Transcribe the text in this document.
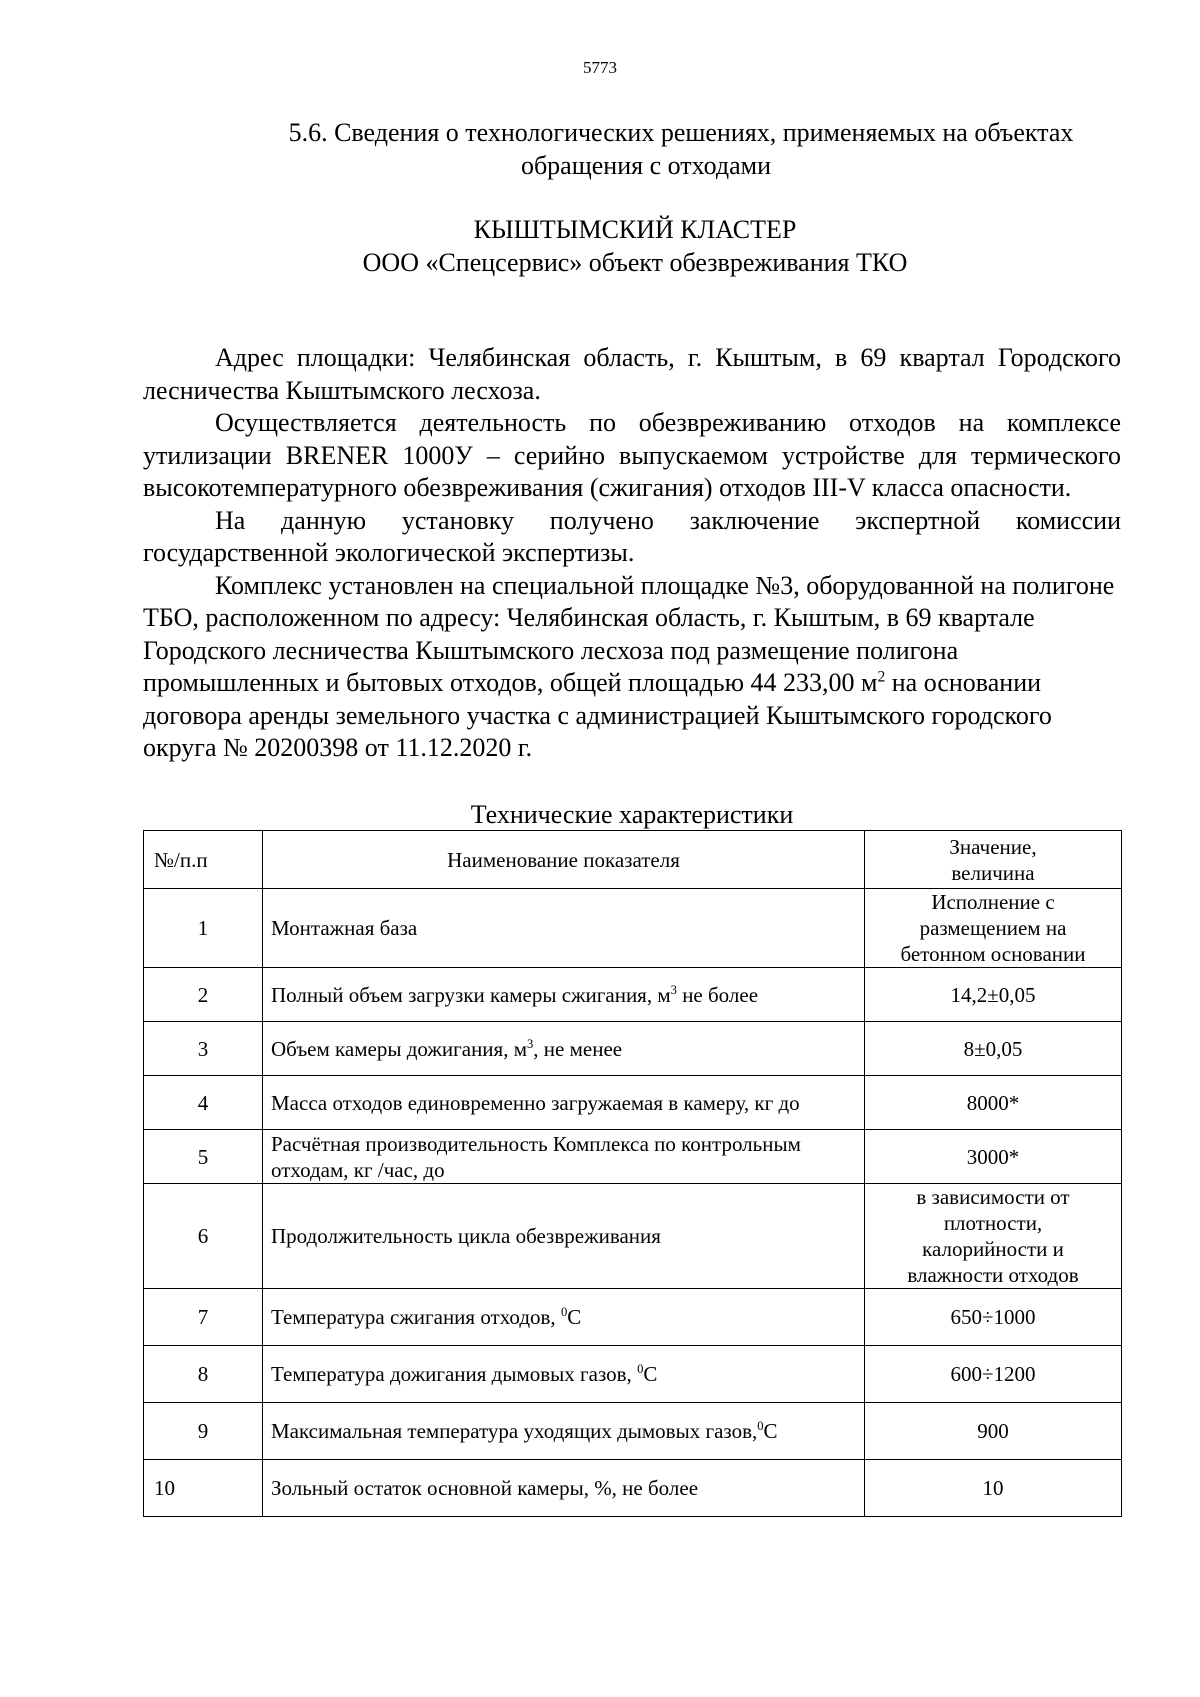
5773
5.6. Сведения о технологических решениях, применяемых на объектах
обращения с отходами
КЫШТЫМСКИЙ КЛАСТЕР
ООО «Спецсервис» объект обезвреживания ТКО

Адрес площадки: Челябинская область, г. Кыштым, в 69 квартал Городского лесничества Кыштымского лесхоза.

Осуществляется деятельность по обезвреживанию отходов на комплексе утилизации BRENER 1000У – серийно выпускаемом устройстве для термического высокотемпературного обезвреживания (сжигания) отходов III-V класса опасности.

На данную установку получено заключение экспертной комиссии государственной экологической экспертизы.

Комплекс установлен на специальной площадке №3, оборудованной на полигоне ТБО, расположенном по адресу: Челябинская область, г. Кыштым, в 69 квартале Городского лесничества Кыштымского лесхоза под размещение полигона промышленных и бытовых отходов, общей площадью 44 233,00 $м^2$ на основании договора аренды земельного участка с администрацией Кыштымского городского округа № 20200398 от 11.12.2020 г.

Технические характеристики
№/п.п	Наименование показателя	Значение,
величина

1	Монтажная база	Исполнение с
размещением на
бетонном основании

2	Полный объем загрузки камеры сжигания, $м^3$ не более	14,2±0,05
3	Объем камеры дожигания, $м^3$, не менее	8±0,05
4	Масса отходов единовременно загружаемая в камеру, кг до	8000*
5	Расчётная производительность Комплекса по контрольным отходам, кг /час, до	3000*
6	Продолжительность цикла обезвреживания	в зависимости от
плотности,
калорийности и
влажности отходов

7	Температура сжигания отходов, $^0$С	650÷1000
8	Температура дожигания дымовых газов, $^0$С	600÷1200
9	Максимальная температура уходящих дымовых газов,$^0$С	900
10	Зольный остаток основной камеры, %, не более	10
